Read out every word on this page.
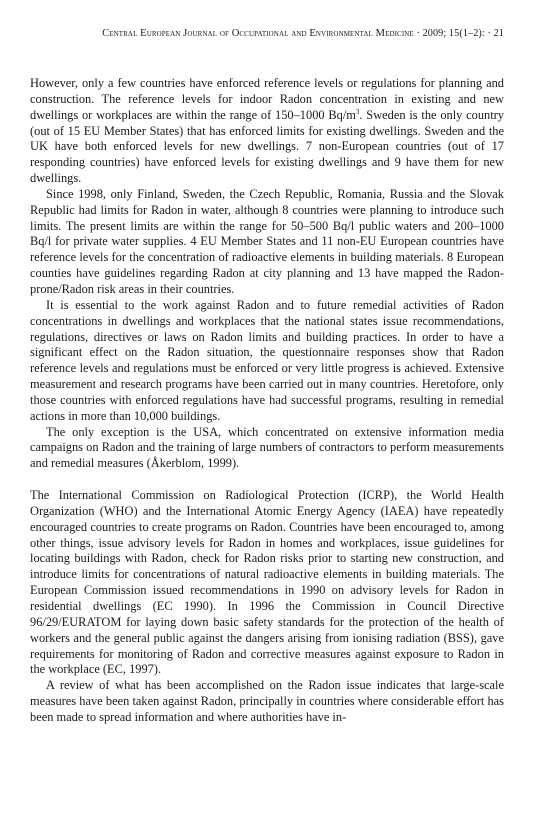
Central European Journal of Occupational and Environmental Medicine · 2009; 15(1–2): · 21

However, only a few countries have enforced reference levels or regulations for planning and construction. The reference levels for indoor Radon concentration in existing and new dwellings or workplaces are within the range of 150–1000 $Bq/m^3$. Sweden is the only country (out of 15 EU Member States) that has enforced limits for existing dwellings. Sweden and the UK have both enforced levels for new dwellings. 7 non-European countries (out of 17 responding countries) have enforced levels for existing dwellings and 9 have them for new dwellings.

Since 1998, only Finland, Sweden, the Czech Republic, Romania, Russia and the Slovak Republic had limits for Radon in water, although 8 countries were planning to introduce such limits. The present limits are within the range for 50–500 Bq/l public waters and 200–1000 Bq/l for private water supplies. 4 EU Member States and 11 non-EU European countries have reference levels for the concentration of radioactive elements in building materials. 8 European counties have guidelines regarding Radon at city planning and 13 have mapped the Radon-prone/Radon risk areas in their countries.

It is essential to the work against Radon and to future remedial activities of Radon concentrations in dwellings and workplaces that the national states issue recommendations, regulations, directives or laws on Radon limits and building practices. In order to have a significant effect on the Radon situation, the questionnaire responses show that Radon reference levels and regulations must be enforced or very little progress is achieved. Extensive measurement and research programs have been carried out in many countries. Heretofore, only those countries with enforced regulations have had successful programs, resulting in remedial actions in more than 10,000 buildings.

The only exception is the USA, which concentrated on extensive information media campaigns on Radon and the training of large numbers of contractors to perform measurements and remedial measures (Åkerblom, 1999).

The International Commission on Radiological Protection (ICRP), the World Health Organization (WHO) and the International Atomic Energy Agency (IAEA) have repeatedly encouraged countries to create programs on Radon. Countries have been encouraged to, among other things, issue advisory levels for Radon in homes and workplaces, issue guidelines for locating buildings with Radon, check for Radon risks prior to starting new construction, and introduce limits for concentrations of natural radioactive elements in building materials. The European Commission issued recommendations in 1990 on advisory levels for Radon in residential dwellings (EC 1990). In 1996 the Commission in Council Directive 96/29/EURATOM for laying down basic safety standards for the protection of the health of workers and the general public against the dangers arising from ionising radiation (BSS), gave requirements for monitoring of Radon and corrective measures against exposure to Radon in the workplace (EC, 1997).

A review of what has been accomplished on the Radon issue indicates that large-scale measures have been taken against Radon, principally in countries where considerable effort has been made to spread information and where authorities have in-
